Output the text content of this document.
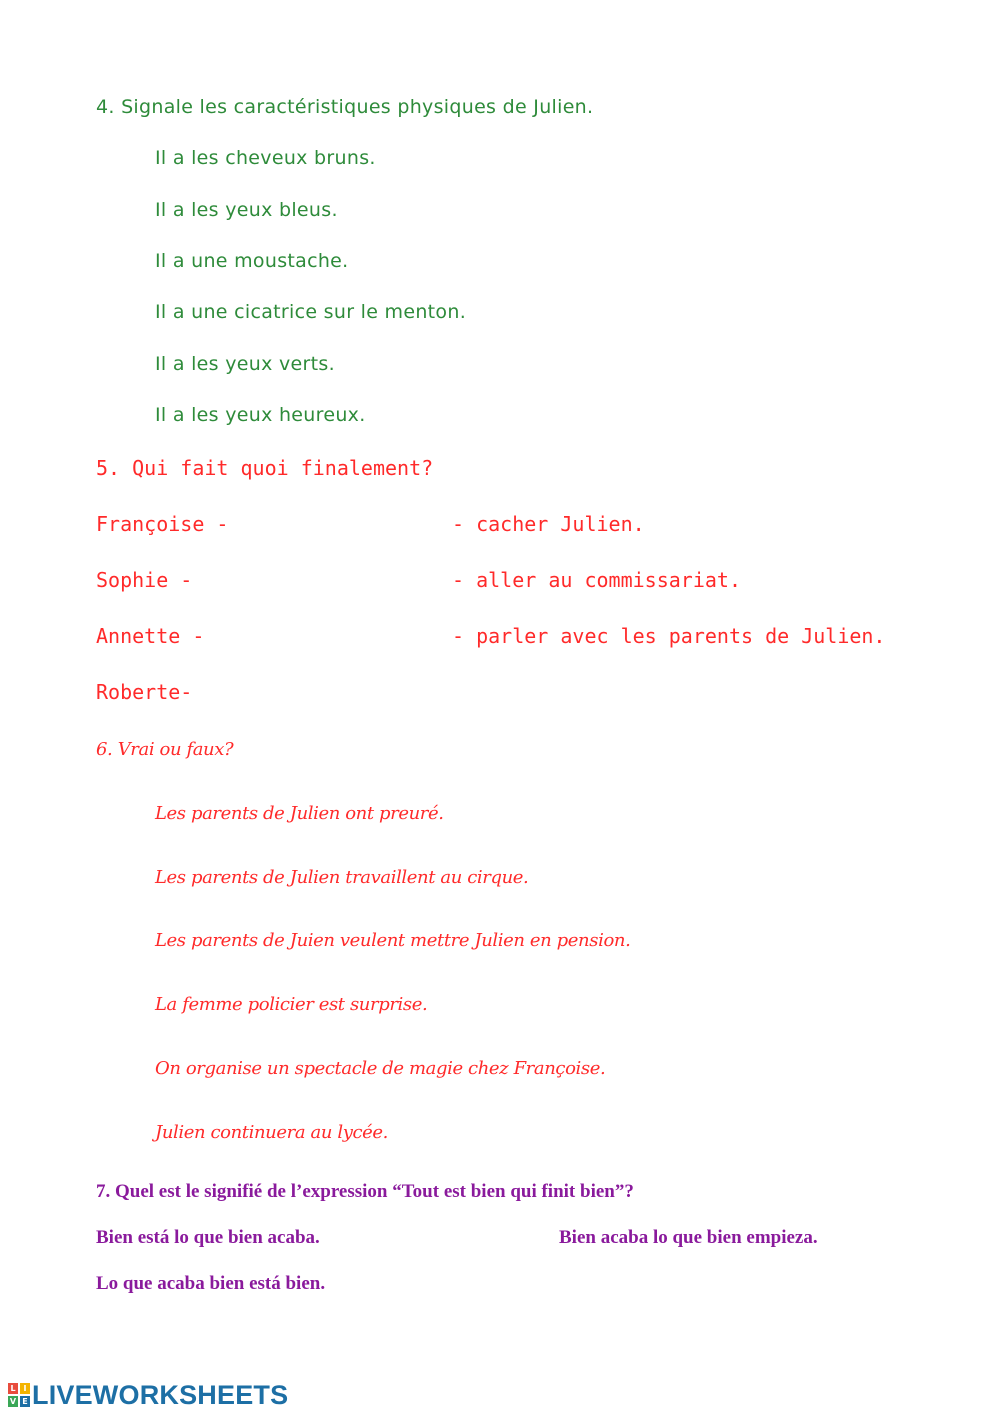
4. Signale les caractéristiques physiques de Julien.
Il a les cheveux bruns.
Il a les yeux bleus.
Il a une moustache.
Il a une cicatrice sur le menton.
Il a les yeux verts.
Il a les yeux heureux.
5. Qui fait quoi finalement?
Françoise -
Sophie -
Annette -
Roberte-
- cacher Julien.
- aller au commissariat.
- parler avec les parents de Julien.
6. Vrai ou faux?
Les parents de Julien ont preuré.
Les parents de Julien travaillent au cirque.
Les parents de Juien veulent mettre Julien en pension.
La femme policier est surprise.
On organise un spectacle de magie chez Françoise.
Julien continuera au lycée.
7. Quel est le signifié de l’expression “Tout est bien qui finit bien”?
Bien está lo que bien acaba.	Bien acaba lo que bien empieza.
Lo que acaba bien está bien.
L I
V E LIVEWORKSHEETS
